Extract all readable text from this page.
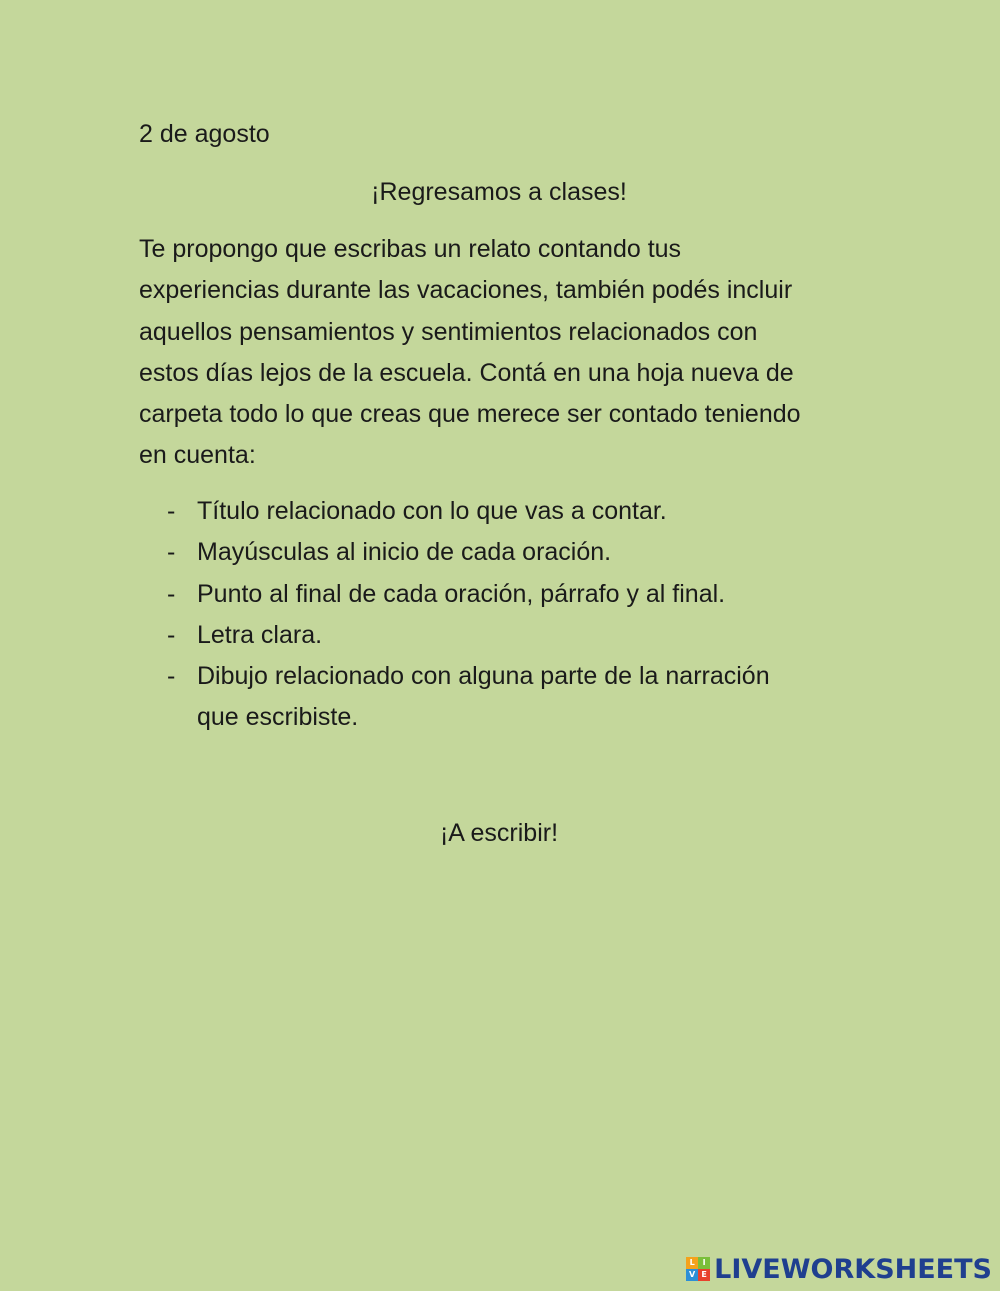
2 de agosto
¡Regresamos a clases!

Te propongo que escribas un relato contando tus
experiencias durante las vacaciones, también podés incluir
aquellos pensamientos y sentimientos relacionados con
estos días lejos de la escuela. Contá en una hoja nueva de
carpeta todo lo que creas que merece ser contado teniendo
en cuenta:

- Título relacionado con lo que vas a contar.
- Mayúsculas al inicio de cada oración.
- Punto al final de cada oración, párrafo y al final.
- Letra clara.
- Dibujo relacionado con alguna parte de la narración
que escribiste.
¡A escribir!
L I
V E LIVEWORKSHEETS
